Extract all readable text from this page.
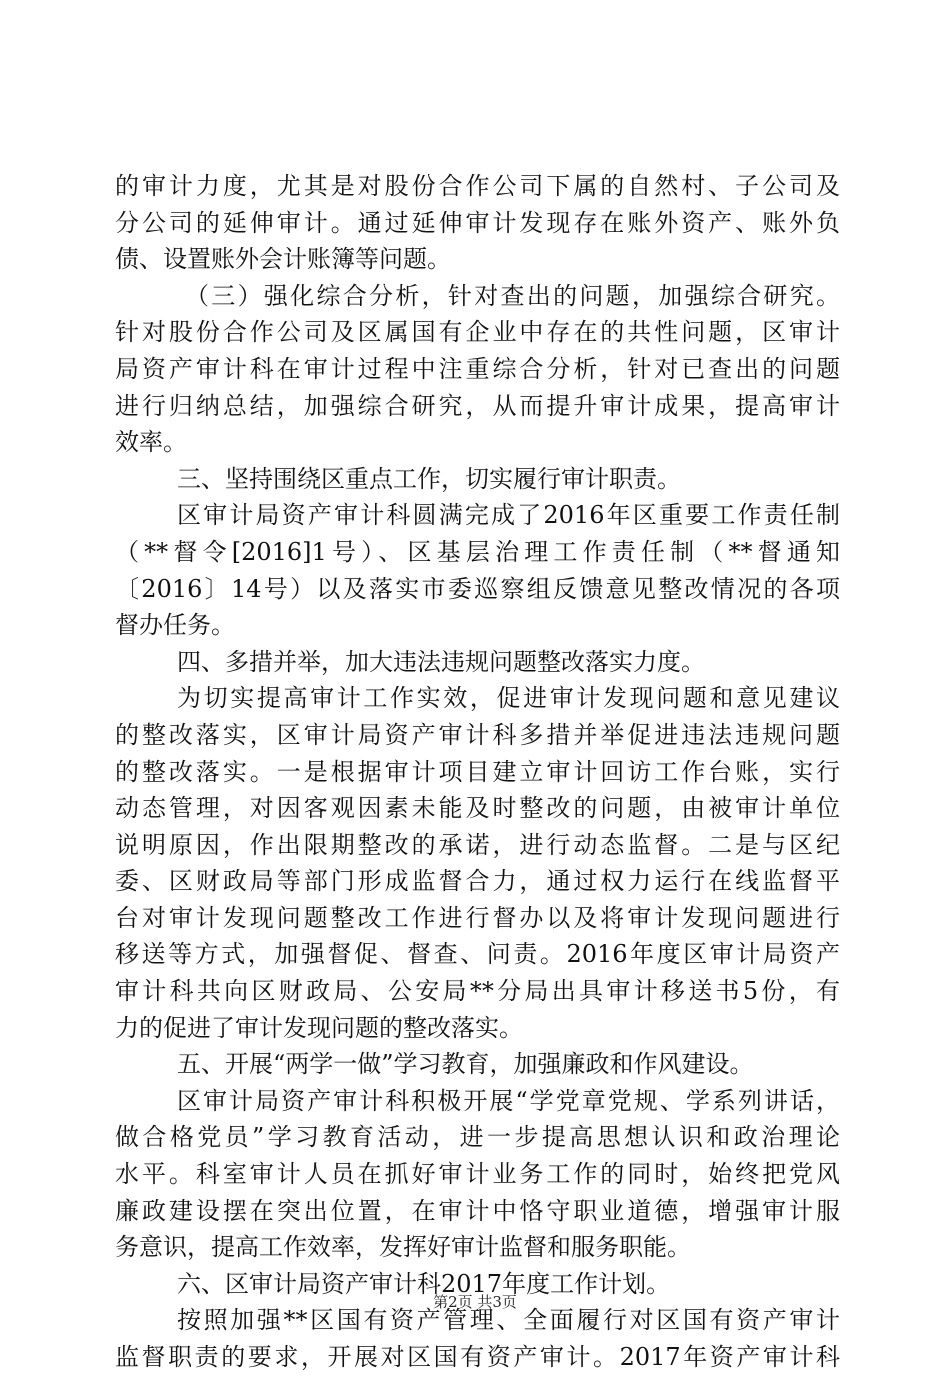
的审计力度，尤其是对股份合作公司下属的自然村、子公司及
分公司的延伸审计。通过延伸审计发现存在账外资产、账外负
债、设置账外会计账簿等问题。
（三）强化综合分析，针对查出的问题，加强综合研究。
针对股份合作公司及区属国有企业中存在的共性问题，区审计
局资产审计科在审计过程中注重综合分析，针对已查出的问题
进行归纳总结，加强综合研究，从而提升审计成果，提高审计
效率。
三、坚持围绕区重点工作，切实履行审计职责。
区审计局资产审计科圆满完成了2016年区重要工作责任制
（**督令[2016]1号）、区基层治理工作责任制（**督通知
〔2016〕14号）以及落实市委巡察组反馈意见整改情况的各项
督办任务。
四、多措并举，加大违法违规问题整改落实力度。
为切实提高审计工作实效，促进审计发现问题和意见建议
的整改落实，区审计局资产审计科多措并举促进违法违规问题
的整改落实。一是根据审计项目建立审计回访工作台账，实行
动态管理，对因客观因素未能及时整改的问题，由被审计单位
说明原因，作出限期整改的承诺，进行动态监督。二是与区纪
委、区财政局等部门形成监督合力，通过权力运行在线监督平
台对审计发现问题整改工作进行督办以及将审计发现问题进行
移送等方式，加强督促、督查、问责。2016年度区审计局资产
审计科共向区财政局、公安局**分局出具审计移送书5份，有
力的促进了审计发现问题的整改落实。
五、开展“两学一做”学习教育，加强廉政和作风建设。
区审计局资产审计科积极开展“学党章党规、学系列讲话，
做合格党员”学习教育活动，进一步提高思想认识和政治理论
水平。科室审计人员在抓好审计业务工作的同时，始终把党风
廉政建设摆在突出位置，在审计中恪守职业道德，增强审计服
务意识，提高工作效率，发挥好审计监督和服务职能。
六、区审计局资产审计科2017年度工作计划。
按照加强**区国有资产管理、全面履行对区国有资产审计
监督职责的要求，开展对区国有资产审计。2017年资产审计科
第2页 共3页
